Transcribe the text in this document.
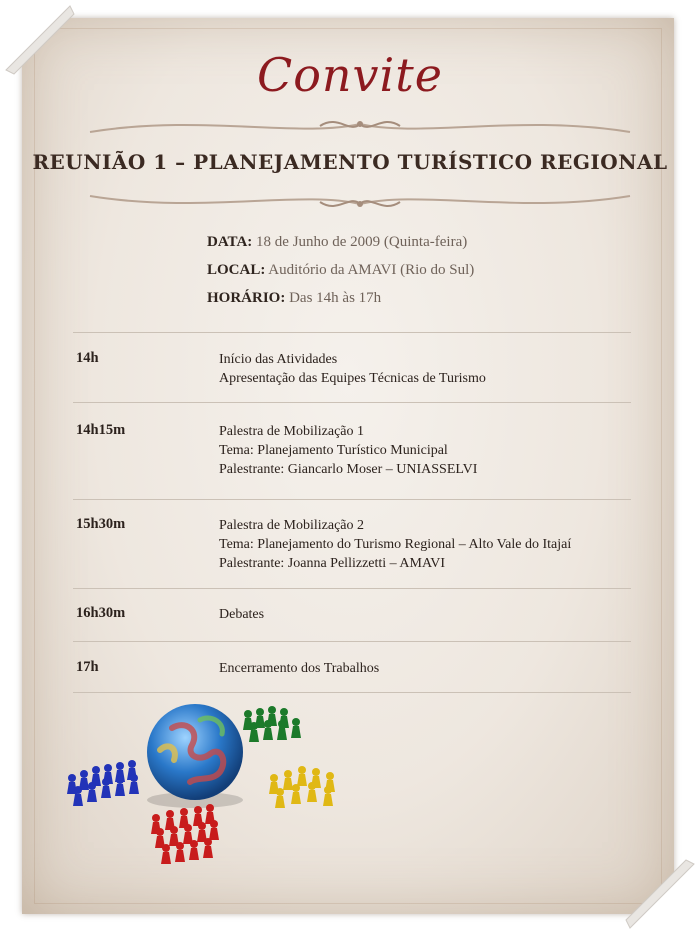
Convite
REUNIÃO 1 – PLANEJAMENTO TURÍSTICO REGIONAL
DATA: 18 de Junho de 2009 (Quinta-feira)
LOCAL: Auditório da AMAVI (Rio do Sul)
HORÁRIO: Das 14h às 17h
14h	Início das Atividades
Apresentação das Equipes Técnicas de Turismo
14h15m	Palestra de Mobilização 1
Tema: Planejamento Turístico Municipal
Palestrante: Giancarlo Moser – UNIASSELVI
15h30m	Palestra de Mobilização 2
Tema: Planejamento do Turismo Regional – Alto Vale do Itajaí
Palestrante: Joanna Pellizzetti – AMAVI
16h30m	Debates
17h	Encerramento dos Trabalhos
